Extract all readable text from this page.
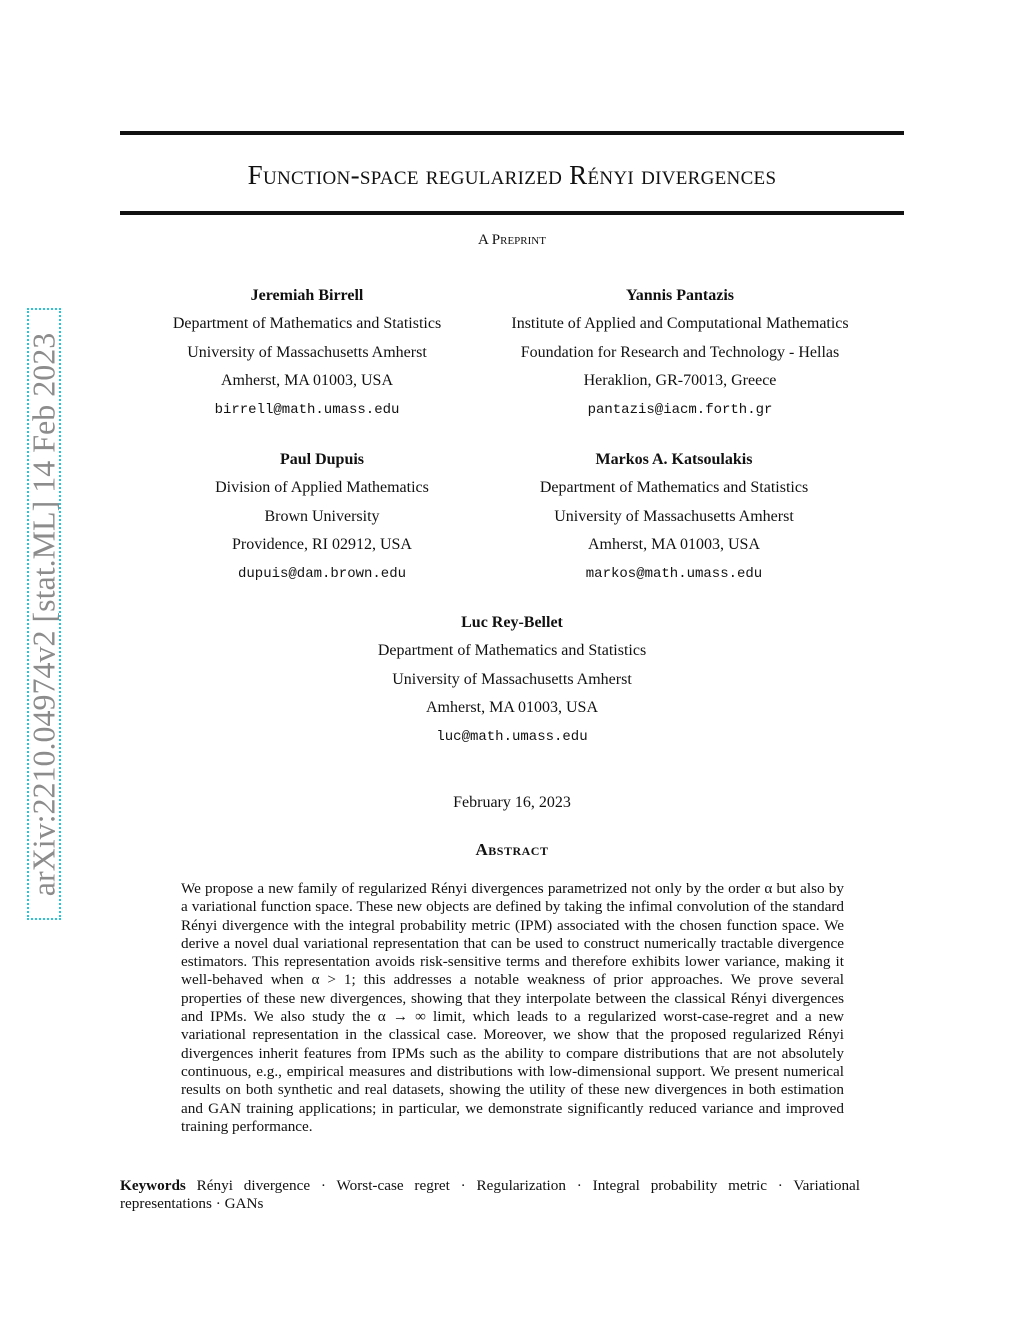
arXiv:2210.04974v2 [stat.ML] 14 Feb 2023
Function-space regularized Rényi divergences
A Preprint
Jeremiah Birrell
Department of Mathematics and Statistics
University of Massachusetts Amherst
Amherst, MA 01003, USA
birrell@math.umass.edu
Yannis Pantazis
Institute of Applied and Computational Mathematics
Foundation for Research and Technology - Hellas
Heraklion, GR-70013, Greece
pantazis@iacm.forth.gr
Paul Dupuis
Division of Applied Mathematics
Brown University
Providence, RI 02912, USA
dupuis@dam.brown.edu
Markos A. Katsoulakis
Department of Mathematics and Statistics
University of Massachusetts Amherst
Amherst, MA 01003, USA
markos@math.umass.edu
Luc Rey-Bellet
Department of Mathematics and Statistics
University of Massachusetts Amherst
Amherst, MA 01003, USA
luc@math.umass.edu
February 16, 2023
Abstract
We propose a new family of regularized Rényi divergences parametrized not only by the order α but also by a variational function space. These new objects are defined by taking the infimal convolution of the standard Rényi divergence with the integral probability metric (IPM) associated with the chosen function space. We derive a novel dual variational representation that can be used to construct numerically tractable divergence estimators. This representation avoids risk-sensitive terms and therefore exhibits lower variance, making it well-behaved when α > 1; this addresses a notable weakness of prior approaches. We prove several properties of these new divergences, showing that they interpolate between the classical Rényi divergences and IPMs. We also study the α → ∞ limit, which leads to a regularized worst-case-regret and a new variational representation in the classical case. Moreover, we show that the proposed regularized Rényi divergences inherit features from IPMs such as the ability to compare distributions that are not absolutely continuous, e.g., empirical measures and distributions with low-dimensional support. We present numerical results on both synthetic and real datasets, showing the utility of these new divergences in both estimation and GAN training applications; in particular, we demonstrate significantly reduced variance and improved training performance.
Keywords Rényi divergence · Worst-case regret · Regularization · Integral probability metric · Variational representations · GANs
